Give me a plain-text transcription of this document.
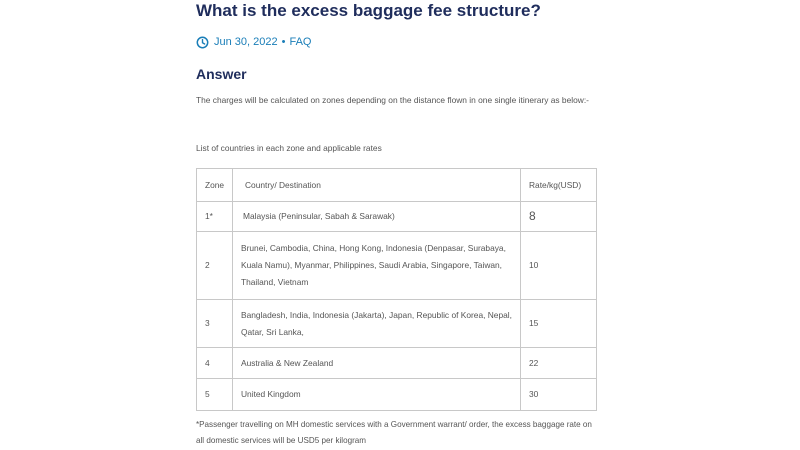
What is the excess baggage fee structure?
Jun 30, 2022 • FAQ
Answer
The charges will be calculated on zones depending on the distance flown in one single itinerary as below:-
List of countries in each zone and applicable rates
Zone	Country/ Destination	Rate/kg(USD)
1*	Malaysia (Peninsular, Sabah & Sarawak)	8
2	Brunei, Cambodia, China, Hong Kong, Indonesia (Denpasar, Surabaya, Kuala Namu), Myanmar, Philippines, Saudi Arabia, Singapore, Taiwan, Thailand, Vietnam	10
3	Bangladesh, India, Indonesia (Jakarta), Japan, Republic of Korea, Nepal, Qatar, Sri Lanka,	15
4	Australia & New Zealand	22
5	United Kingdom	30
*Passenger travelling on MH domestic services with a Government warrant/ order, the excess baggage rate on all domestic services will be USD5 per kilogram
